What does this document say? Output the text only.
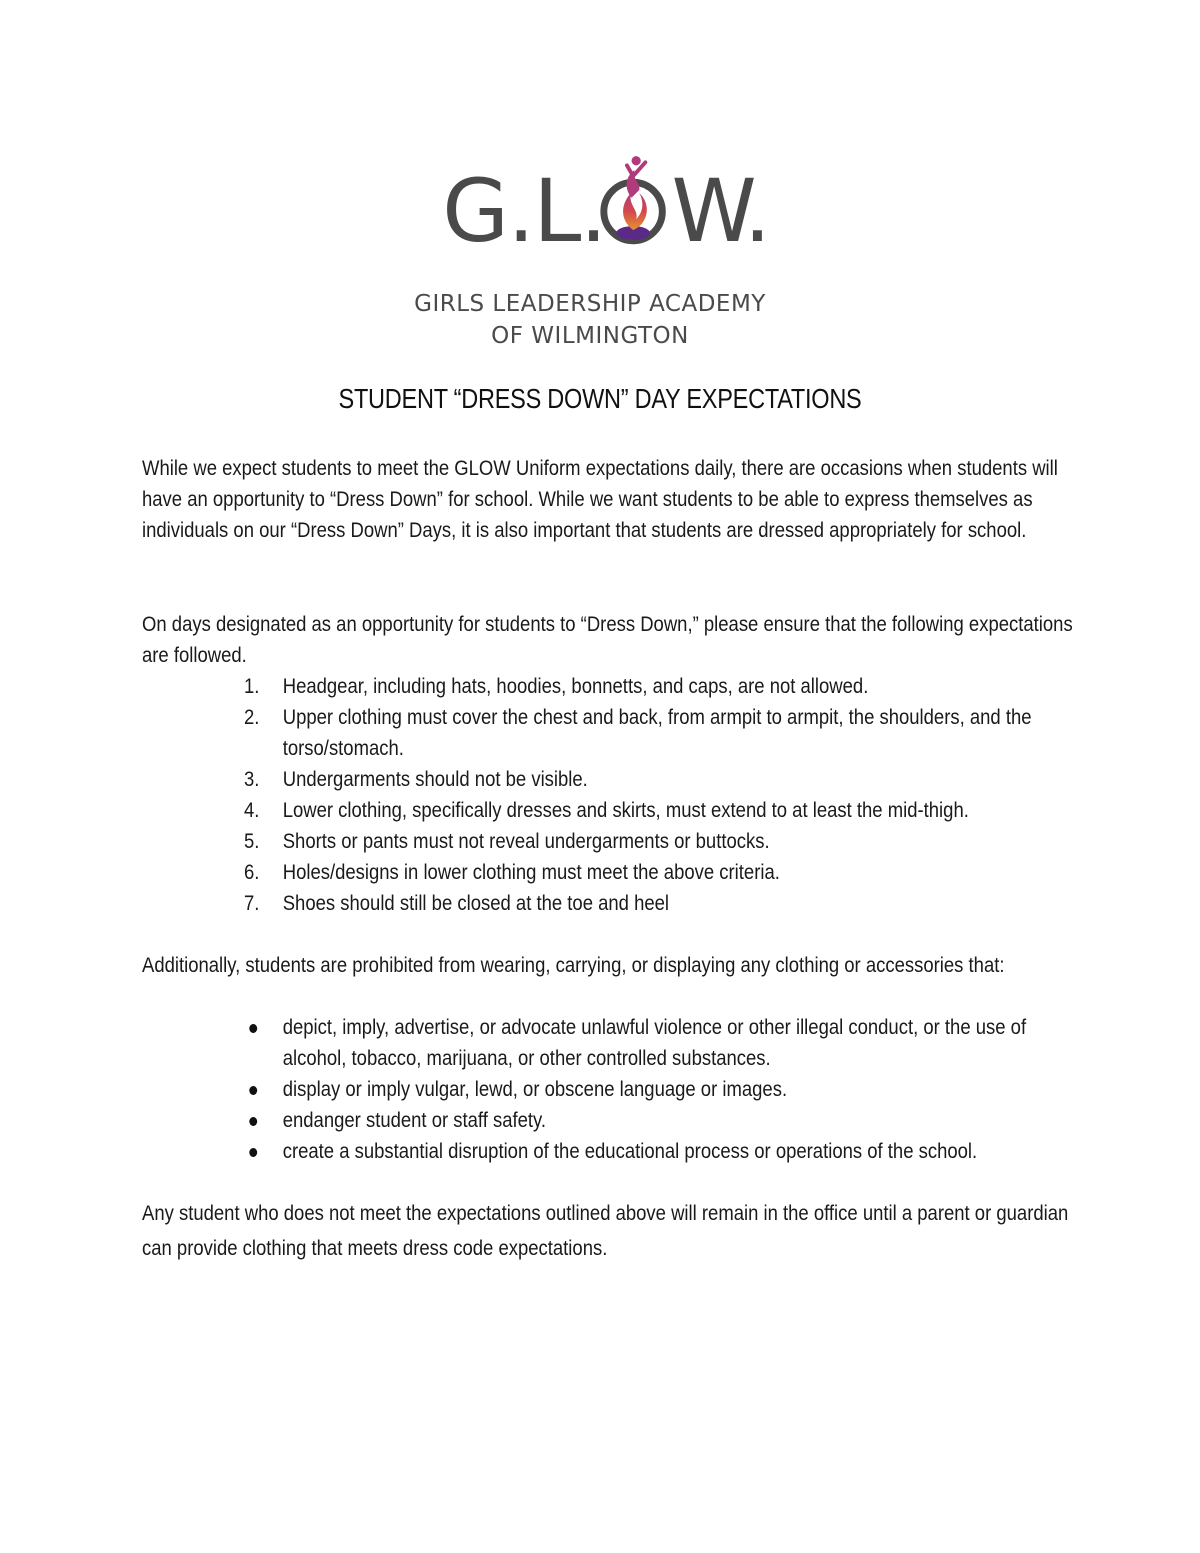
G.L. W.
GIRLS LEADERSHIP ACADEMY
OF WILMINGTON
STUDENT “DRESS DOWN” DAY EXPECTATIONS
While we expect students to meet the GLOW Uniform expectations daily, there are occasions when students will have an opportunity to “Dress Down” for school. While we want students to be able to express themselves as individuals on our “Dress Down” Days, it is also important that students are dressed appropriately for school.
On days designated as an opportunity for students to “Dress Down,” please ensure that the following expectations are followed.
1. Headgear, including hats, hoodies, bonnetts, and caps, are not allowed.
2. Upper clothing must cover the chest and back, from armpit to armpit, the shoulders, and the torso/stomach.
3. Undergarments should not be visible.
4. Lower clothing, specifically dresses and skirts, must extend to at least the mid-thigh.
5. Shorts or pants must not reveal undergarments or buttocks.
6. Holes/designs in lower clothing must meet the above criteria.
7. Shoes should still be closed at the toe and heel
Additionally, students are prohibited from wearing, carrying, or displaying any clothing or accessories that:
depict, imply, advertise, or advocate unlawful violence or other illegal conduct, or the use of alcohol, tobacco, marijuana, or other controlled substances.
display or imply vulgar, lewd, or obscene language or images.
endanger student or staff safety.
create a substantial disruption of the educational process or operations of the school.
Any student who does not meet the expectations outlined above will remain in the office until a parent or guardian can provide clothing that meets dress code expectations.
